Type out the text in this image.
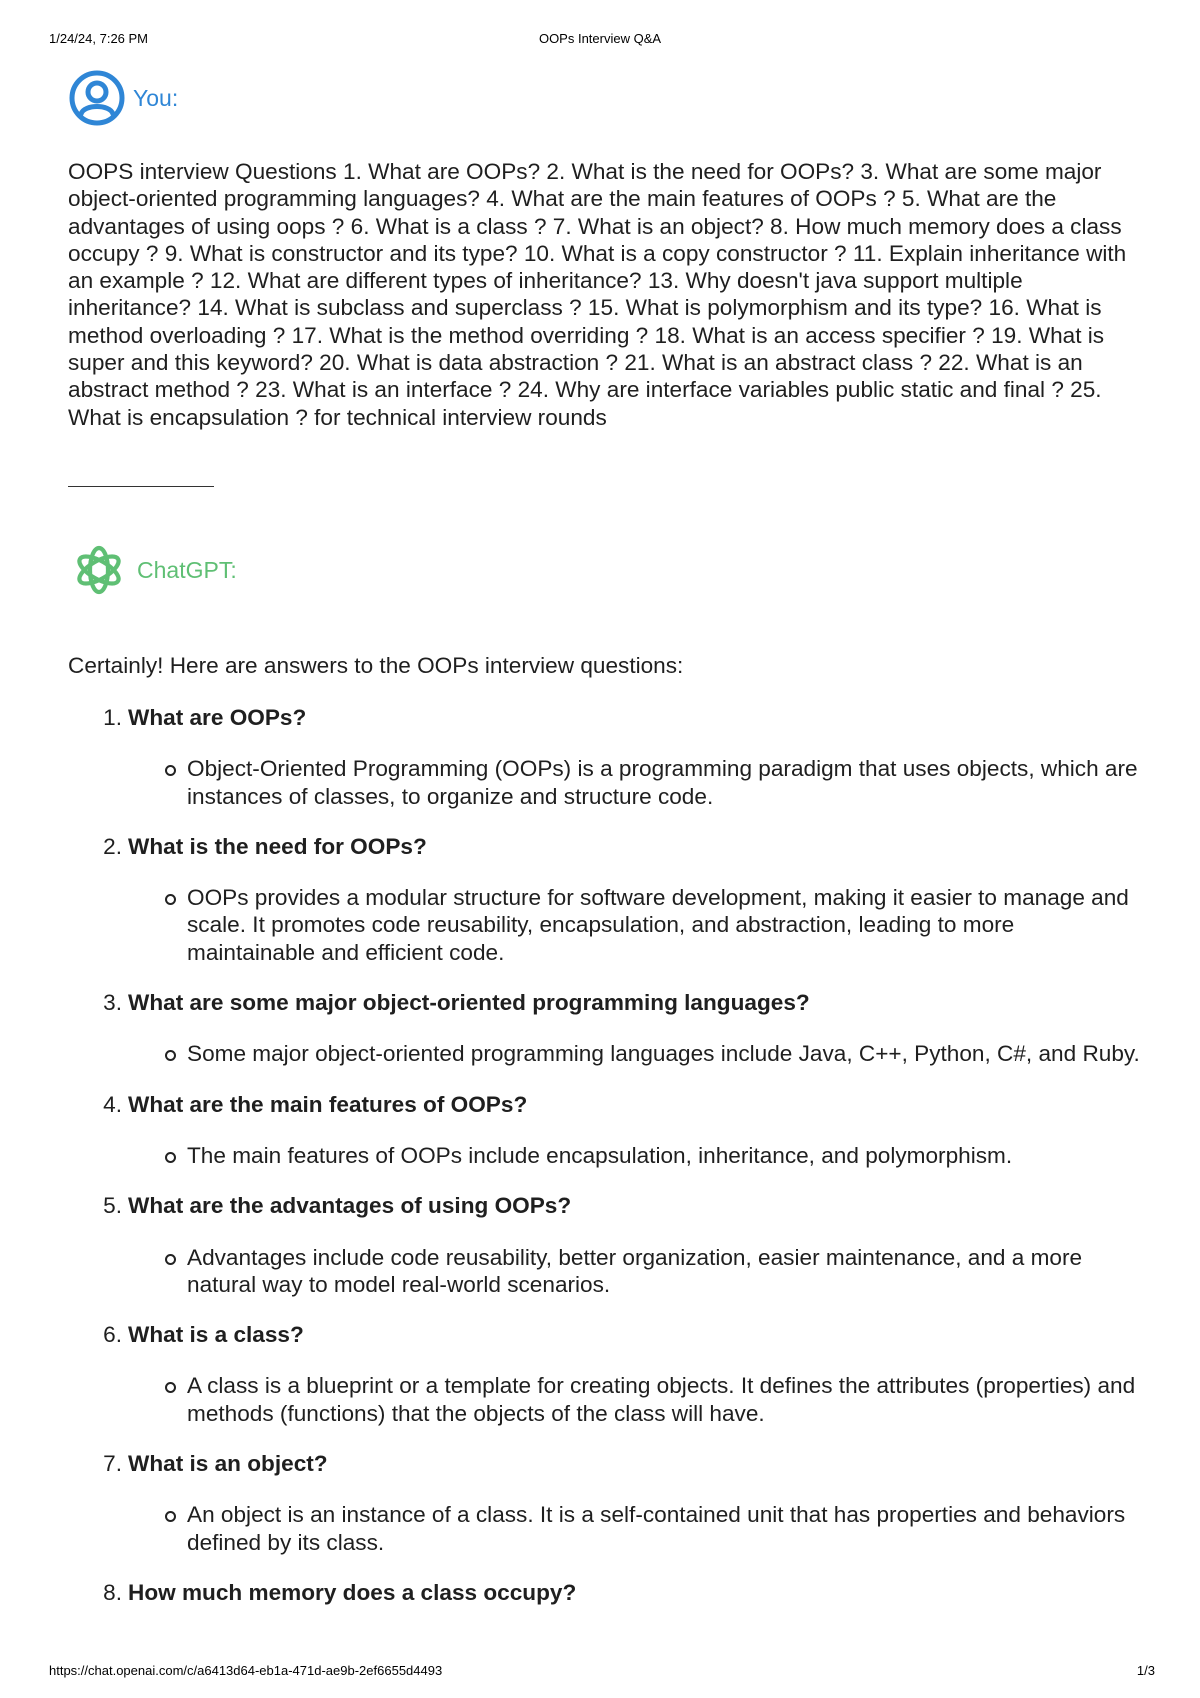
1/24/24, 7:26 PM	OOPs Interview Q&A
You:
OOPS interview Questions 1. What are OOPs? 2. What is the need for OOPs? 3. What are some major object-oriented programming languages? 4. What are the main features of OOPs ? 5. What are the advantages of using oops ? 6. What is a class ? 7. What is an object? 8. How much memory does a class occupy ? 9. What is constructor and its type? 10. What is a copy constructor ? 11. Explain inheritance with an example ? 12. What are different types of inheritance? 13. Why doesn't java support multiple inheritance? 14. What is subclass and superclass ? 15. What is polymorphism and its type? 16. What is method overloading ? 17. What is the method overriding ? 18. What is an access specifier ? 19. What is super and this keyword? 20. What is data abstraction ? 21. What is an abstract class ? 22. What is an abstract method ? 23. What is an interface ? 24. Why are interface variables public static and final ? 25. What is encapsulation ? for technical interview rounds
ChatGPT:
Certainly! Here are answers to the OOPs interview questions:
1. What are OOPs?
Object-Oriented Programming (OOPs) is a programming paradigm that uses objects, which are instances of classes, to organize and structure code.
2. What is the need for OOPs?
OOPs provides a modular structure for software development, making it easier to manage and scale. It promotes code reusability, encapsulation, and abstraction, leading to more maintainable and efficient code.
3. What are some major object-oriented programming languages?
Some major object-oriented programming languages include Java, C++, Python, C#, and Ruby.
4. What are the main features of OOPs?
The main features of OOPs include encapsulation, inheritance, and polymorphism.
5. What are the advantages of using OOPs?
Advantages include code reusability, better organization, easier maintenance, and a more natural way to model real-world scenarios.
6. What is a class?
A class is a blueprint or a template for creating objects. It defines the attributes (properties) and methods (functions) that the objects of the class will have.
7. What is an object?
An object is an instance of a class. It is a self-contained unit that has properties and behaviors defined by its class.
8. How much memory does a class occupy?
https://chat.openai.com/c/a6413d64-eb1a-471d-ae9b-2ef6655d4493	1/3
